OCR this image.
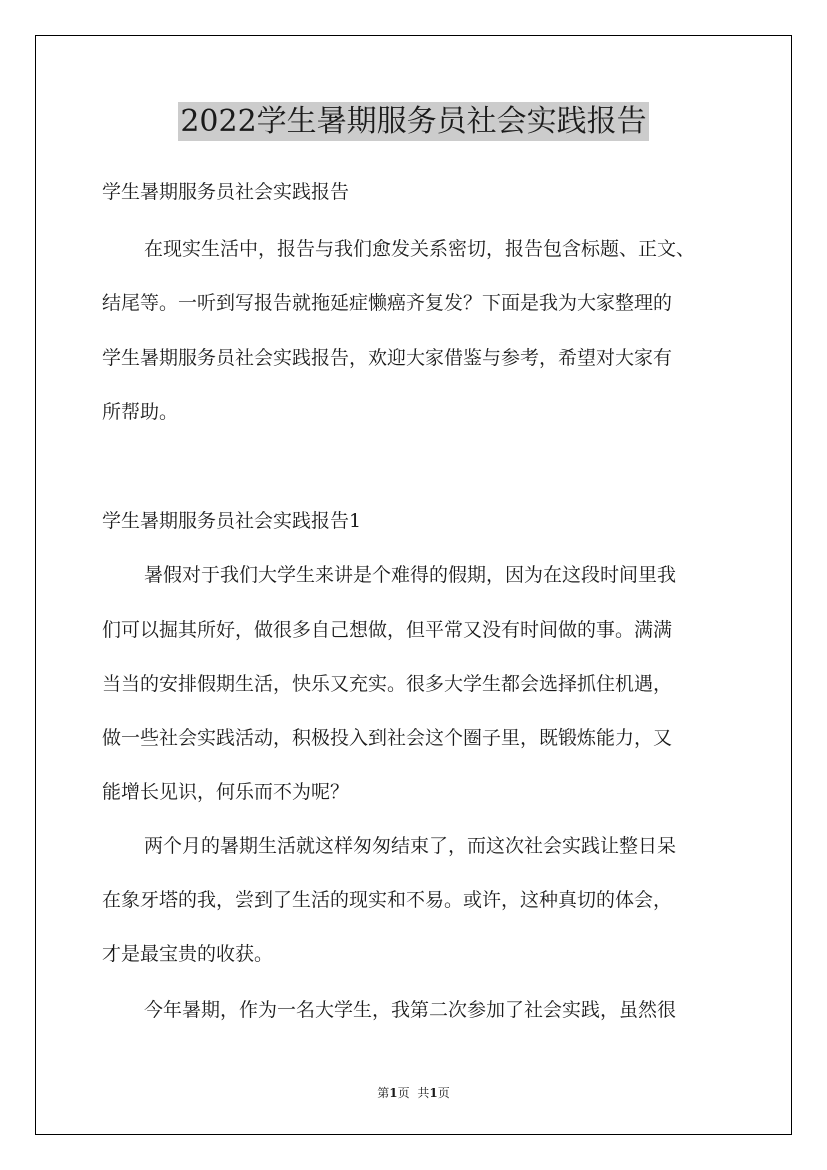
2022学生暑期服务员社会实践报告

学生暑期服务员社会实践报告

在现实生活中，报告与我们愈发关系密切，报告包含标题、正文、

结尾等。一听到写报告就拖延症懒癌齐复发？下面是我为大家整理的

学生暑期服务员社会实践报告，欢迎大家借鉴与参考，希望对大家有

所帮助。

学生暑期服务员社会实践报告1

暑假对于我们大学生来讲是个难得的假期，因为在这段时间里我

们可以掘其所好，做很多自己想做，但平常又没有时间做的事。满满

当当的安排假期生活，快乐又充实。很多大学生都会选择抓住机遇，

做一些社会实践活动，积极投入到社会这个圈子里，既锻炼能力，又

能增长见识，何乐而不为呢？

两个月的暑期生活就这样匆匆结束了，而这次社会实践让整日呆

在象牙塔的我，尝到了生活的现实和不易。或许，这种真切的体会，

才是最宝贵的收获。

今年暑期，作为一名大学生，我第二次参加了社会实践，虽然很

第1页 共1页
